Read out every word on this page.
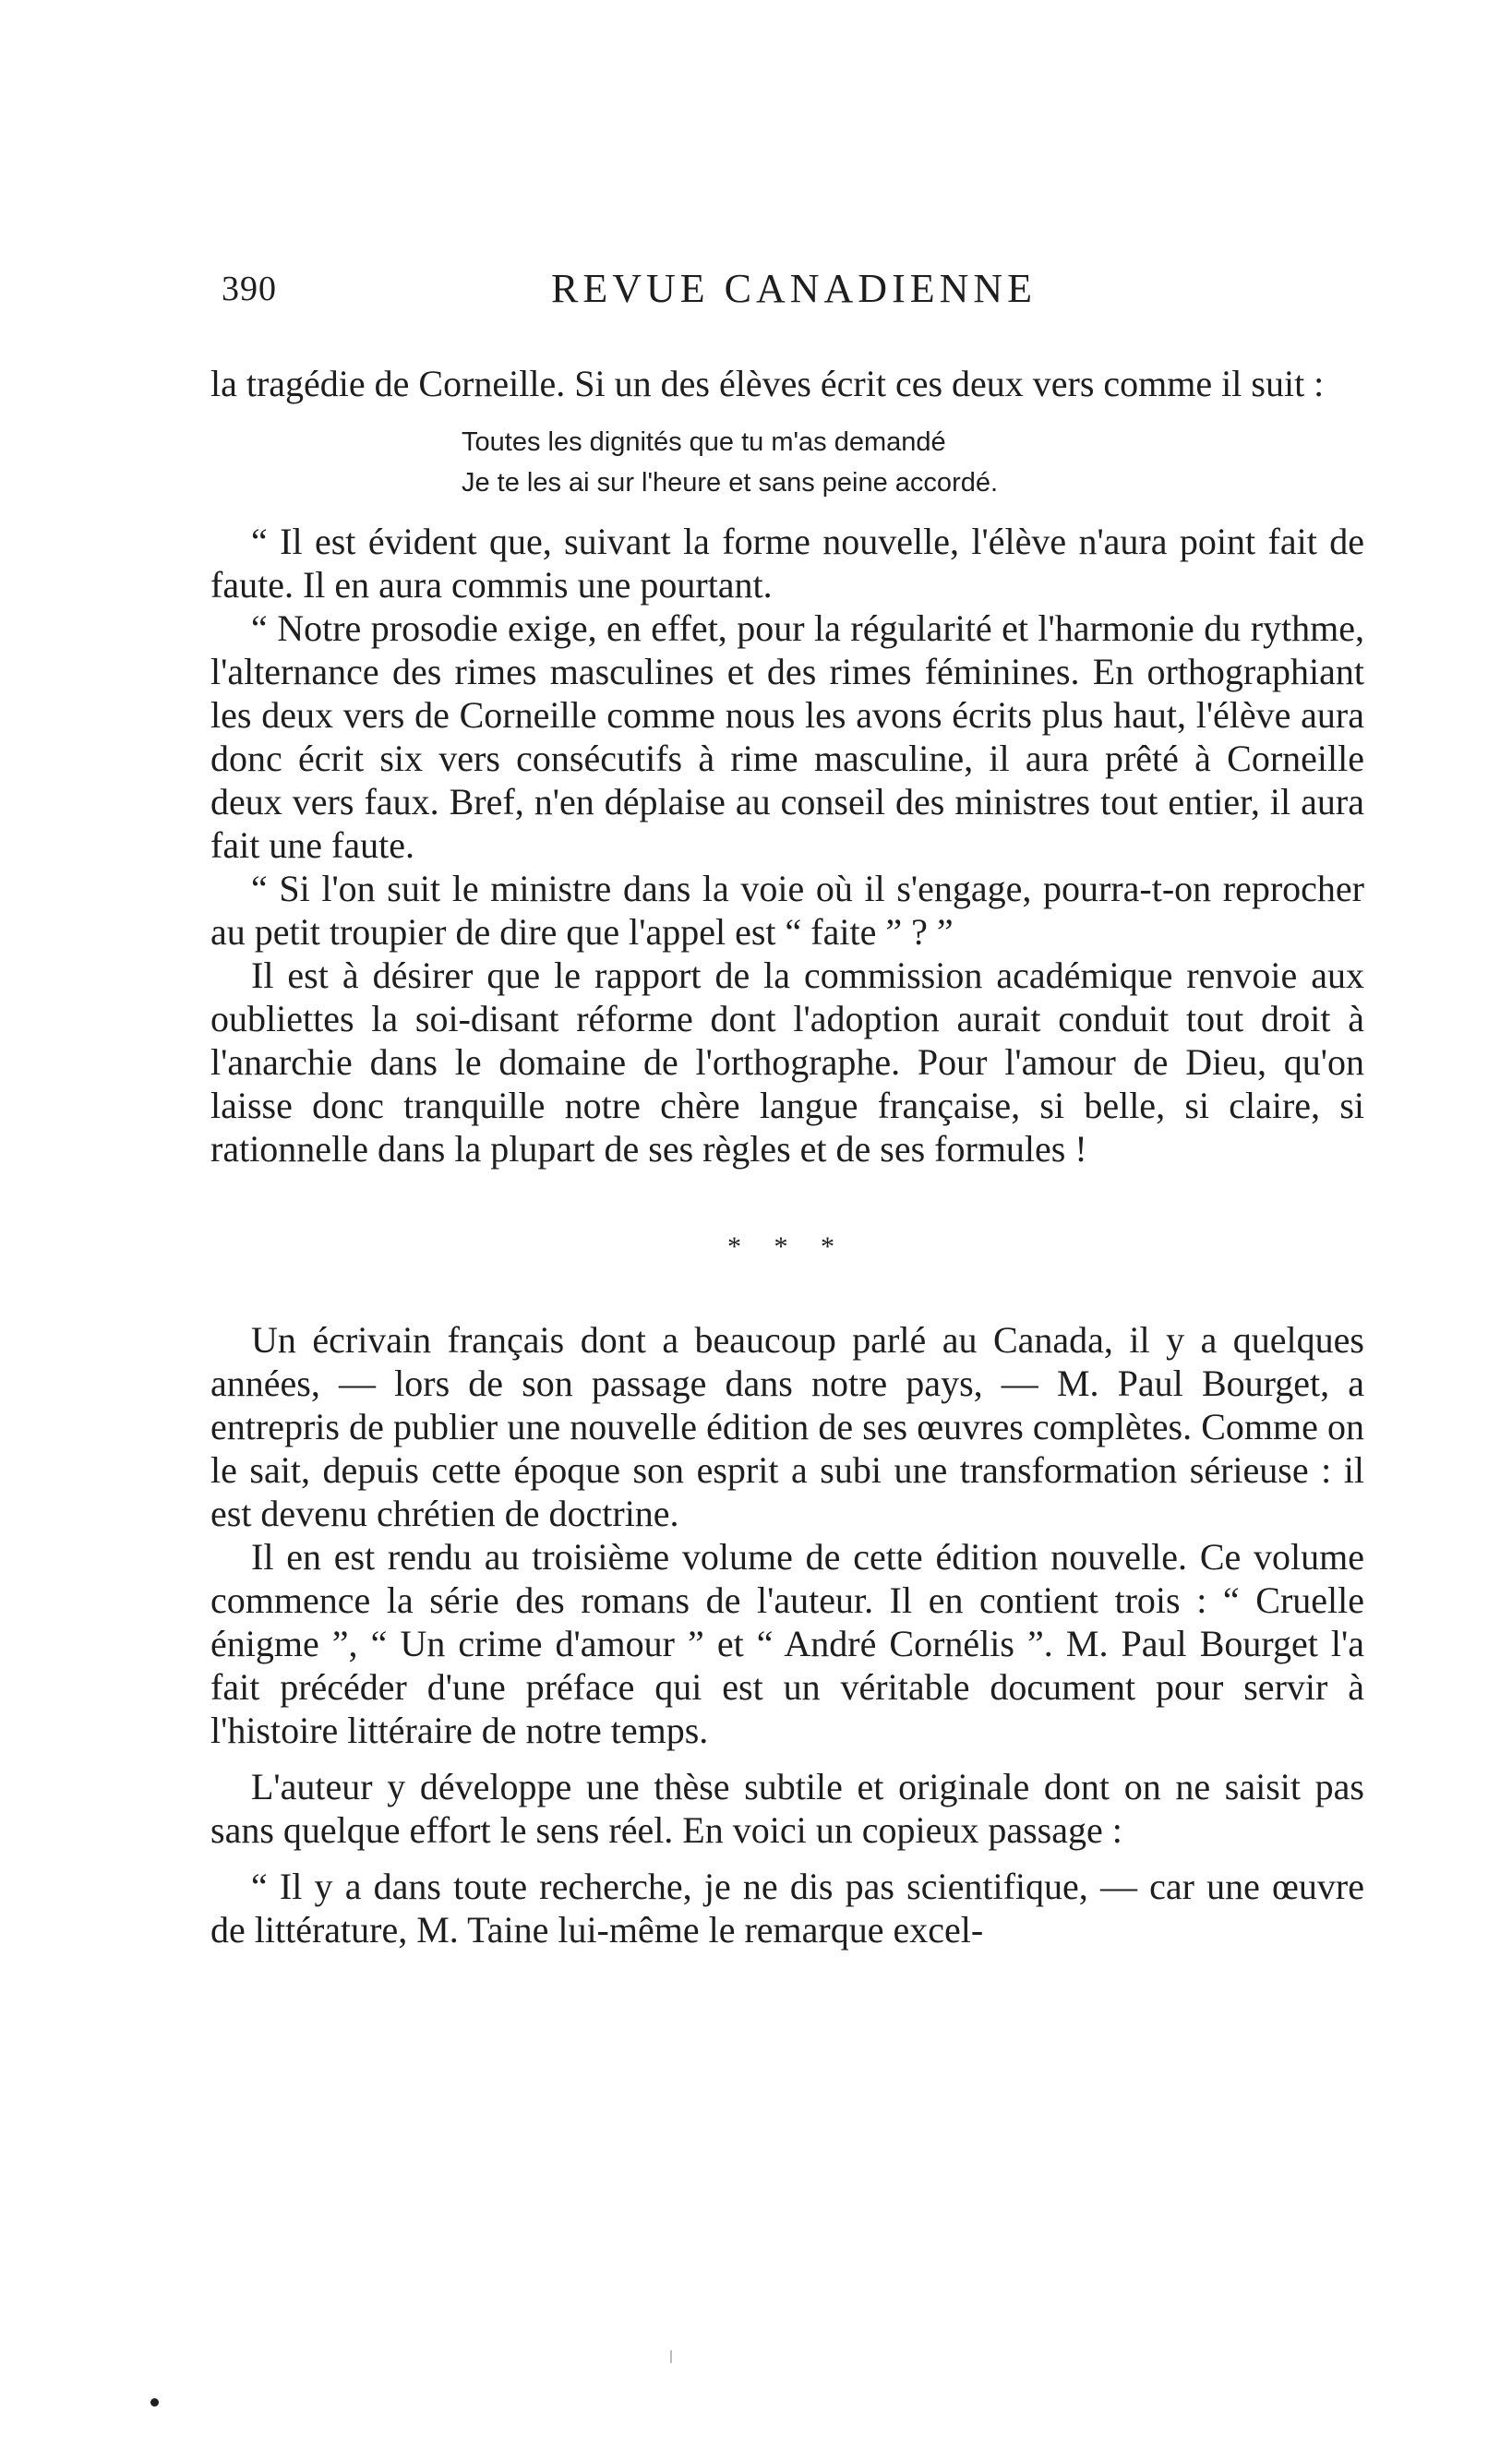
390	REVUE CANADIENNE

la tragédie de Corneille. Si un des élèves écrit ces deux vers comme il suit :

Toutes les dignités que tu m'as demandé
Je te les ai sur l'heure et sans peine accordé.

“ Il est évident que, suivant la forme nouvelle, l'élève n'aura point fait de faute. Il en aura commis une pourtant.

“ Notre prosodie exige, en effet, pour la régularité et l'harmonie du rythme, l'alternance des rimes masculines et des rimes féminines. En orthographiant les deux vers de Corneille comme nous les avons écrits plus haut, l'élève aura donc écrit six vers consécutifs à rime masculine, il aura prêté à Corneille deux vers faux. Bref, n'en déplaise au conseil des ministres tout entier, il aura fait une faute.

“ Si l'on suit le ministre dans la voie où il s'engage, pourra-t-on reprocher au petit troupier de dire que l'appel est “ faite ” ? ”

Il est à désirer que le rapport de la commission académique renvoie aux oubliettes la soi-disant réforme dont l'adoption aurait conduit tout droit à l'anarchie dans le domaine de l'orthographe. Pour l'amour de Dieu, qu'on laisse donc tranquille notre chère langue française, si belle, si claire, si rationnelle dans la plupart de ses règles et de ses formules !

* * *

Un écrivain français dont a beaucoup parlé au Canada, il y a quelques années, — lors de son passage dans notre pays, — M. Paul Bourget, a entrepris de publier une nouvelle édition de ses œuvres complètes. Comme on le sait, depuis cette époque son esprit a subi une transformation sérieuse : il est devenu chrétien de doctrine.

Il en est rendu au troisième volume de cette édition nouvelle. Ce volume commence la série des romans de l'auteur. Il en contient trois : “ Cruelle énigme ”, “ Un crime d'amour ” et “ André Cornélis ”. M. Paul Bourget l'a fait précéder d'une préface qui est un véritable document pour servir à l'histoire littéraire de notre temps.

L'auteur y développe une thèse subtile et originale dont on ne saisit pas sans quelque effort le sens réel. En voici un copieux passage :

“ Il y a dans toute recherche, je ne dis pas scientifique, — car une œuvre de littérature, M. Taine lui-même le remarque excel-
